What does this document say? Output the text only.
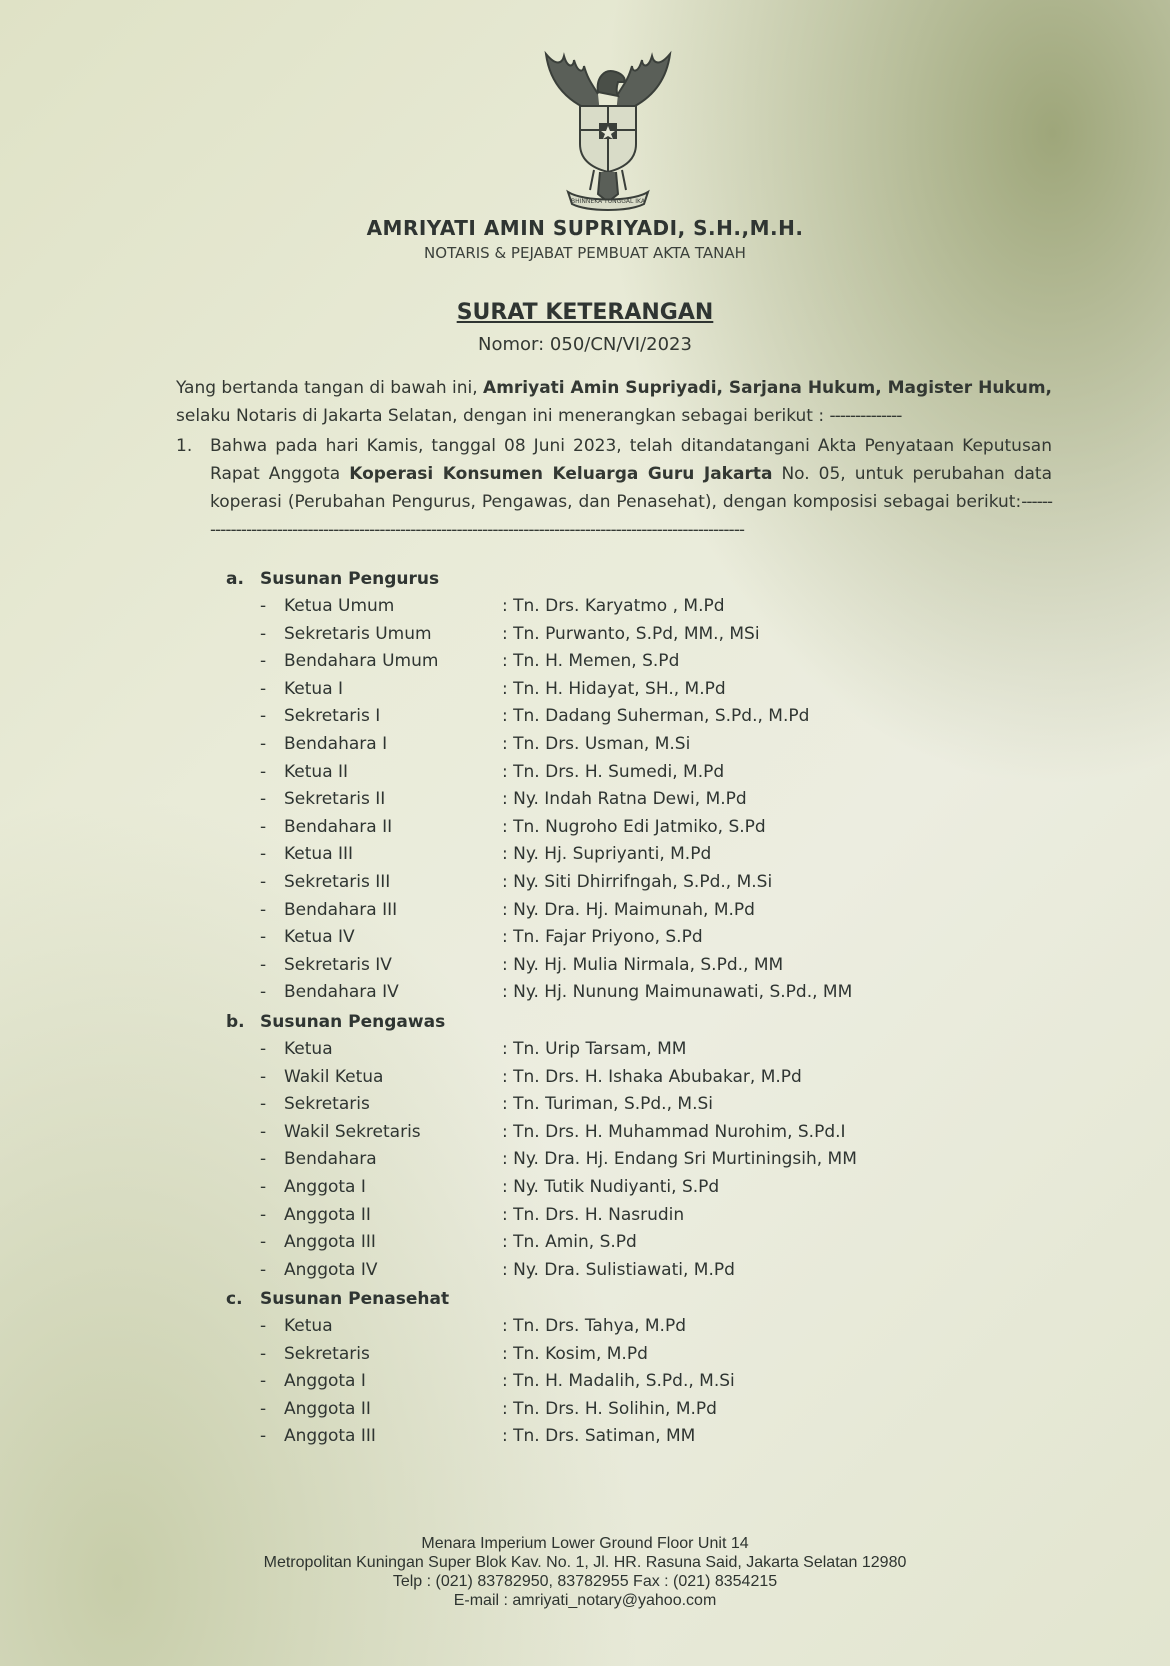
BHINNEKA TUNGGAL IKA
AMRIYATI AMIN SUPRIYADI, S.H.,M.H.
NOTARIS & PEJABAT PEMBUAT AKTA TANAH
SURAT KETERANGAN
Nomor: 050/CN/VI/2023
Yang bertanda tangan di bawah ini, Amriyati Amin Supriyadi, Sarjana Hukum, Magister Hukum, selaku Notaris di Jakarta Selatan, dengan ini menerangkan sebagai berikut : --------------
1. Bahwa pada hari Kamis, tanggal 08 Juni 2023, telah ditandatangani Akta Penyataan Keputusan Rapat Anggota Koperasi Konsumen Keluarga Guru Jakarta No. 05, untuk perubahan data koperasi (Perubahan Pengurus, Pengawas, dan Penasehat), dengan komposisi sebagai berikut:--------------------------------------------------------------------------------------------------------------
a. Susunan Pengurus
- Ketua Umum	: Tn. Drs. Karyatmo , M.Pd
- Sekretaris Umum	: Tn. Purwanto, S.Pd, MM., MSi
- Bendahara Umum	: Tn. H. Memen, S.Pd
- Ketua I	: Tn. H. Hidayat, SH., M.Pd
- Sekretaris I	: Tn. Dadang Suherman, S.Pd., M.Pd
- Bendahara I	: Tn. Drs. Usman, M.Si
- Ketua II	: Tn. Drs. H. Sumedi, M.Pd
- Sekretaris II	: Ny. Indah Ratna Dewi, M.Pd
- Bendahara II	: Tn. Nugroho Edi Jatmiko, S.Pd
- Ketua III	: Ny. Hj. Supriyanti, M.Pd
- Sekretaris III	: Ny. Siti Dhirrifngah, S.Pd., M.Si
- Bendahara III	: Ny. Dra. Hj. Maimunah, M.Pd
- Ketua IV	: Tn. Fajar Priyono, S.Pd
- Sekretaris IV	: Ny. Hj. Mulia Nirmala, S.Pd., MM
- Bendahara IV	: Ny. Hj. Nunung Maimunawati, S.Pd., MM
b. Susunan Pengawas
- Ketua	: Tn. Urip Tarsam, MM
- Wakil Ketua	: Tn. Drs. H. Ishaka Abubakar, M.Pd
- Sekretaris	: Tn. Turiman, S.Pd., M.Si
- Wakil Sekretaris	: Tn. Drs. H. Muhammad Nurohim, S.Pd.I
- Bendahara	: Ny. Dra. Hj. Endang Sri Murtiningsih, MM
- Anggota I	: Ny. Tutik Nudiyanti, S.Pd
- Anggota II	: Tn. Drs. H. Nasrudin
- Anggota III	: Tn. Amin, S.Pd
- Anggota IV	: Ny. Dra. Sulistiawati, M.Pd
c. Susunan Penasehat
- Ketua	: Tn. Drs. Tahya, M.Pd
- Sekretaris	: Tn. Kosim, M.Pd
- Anggota I	: Tn. H. Madalih, S.Pd., M.Si
- Anggota II	: Tn. Drs. H. Solihin, M.Pd
- Anggota III	: Tn. Drs. Satiman, MM
Menara Imperium Lower Ground Floor Unit 14
Metropolitan Kuningan Super Blok Kav. No. 1, Jl. HR. Rasuna Said, Jakarta Selatan 12980
Telp : (021) 83782950, 83782955 Fax : (021) 8354215
E-mail : amriyati_notary@yahoo.com
